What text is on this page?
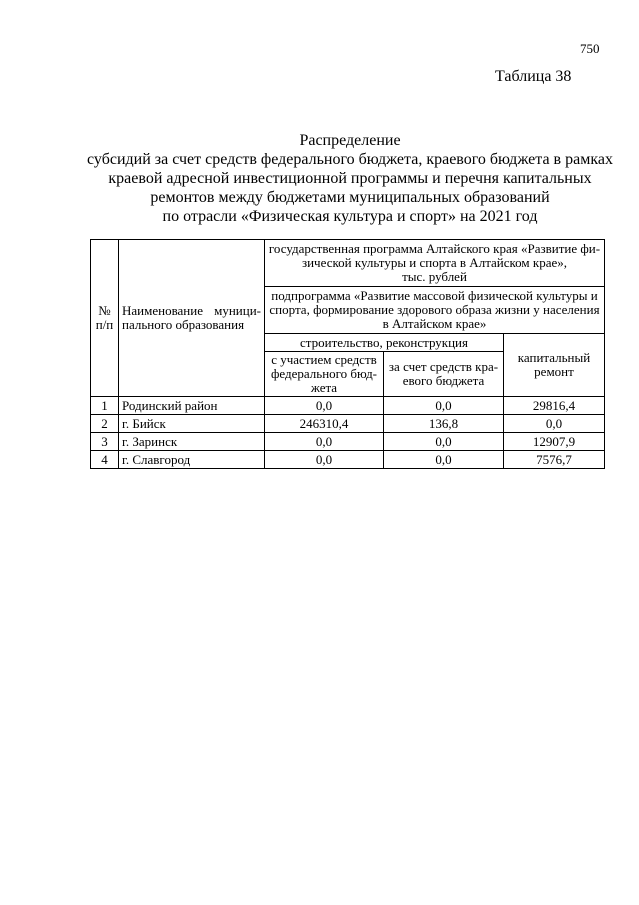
750
Таблица 38
Распределение
субсидий за счет средств федерального бюджета, краевого бюджета в рамках
краевой адресной инвестиционной программы и перечня капитальных
ремонтов между бюджетами муниципальных образований
по отрасли «Физическая культура и спорт» на 2021 год
№ п/п	Наименование муници-пального образования	государственная программа Алтайского края «Развитие фи-зической культуры и спорта в Алтайском крае»,
тыс. рублей		
		подпрограмма «Развитие массовой физической культуры и спорта, формирование здорового образа жизни у населения в Алтайском крае»		
		строительство, реконструкция		капитальный ремонт
		с участием средств федерального бюд-жета	за счет средств кра-евого бюджета	
1	Родинский район	0,0	0,0	29816,4
2	г. Бийск	246310,4	136,8	0,0
3	г. Заринск	0,0	0,0	12907,9
4	г. Славгород	0,0	0,0	7576,7
